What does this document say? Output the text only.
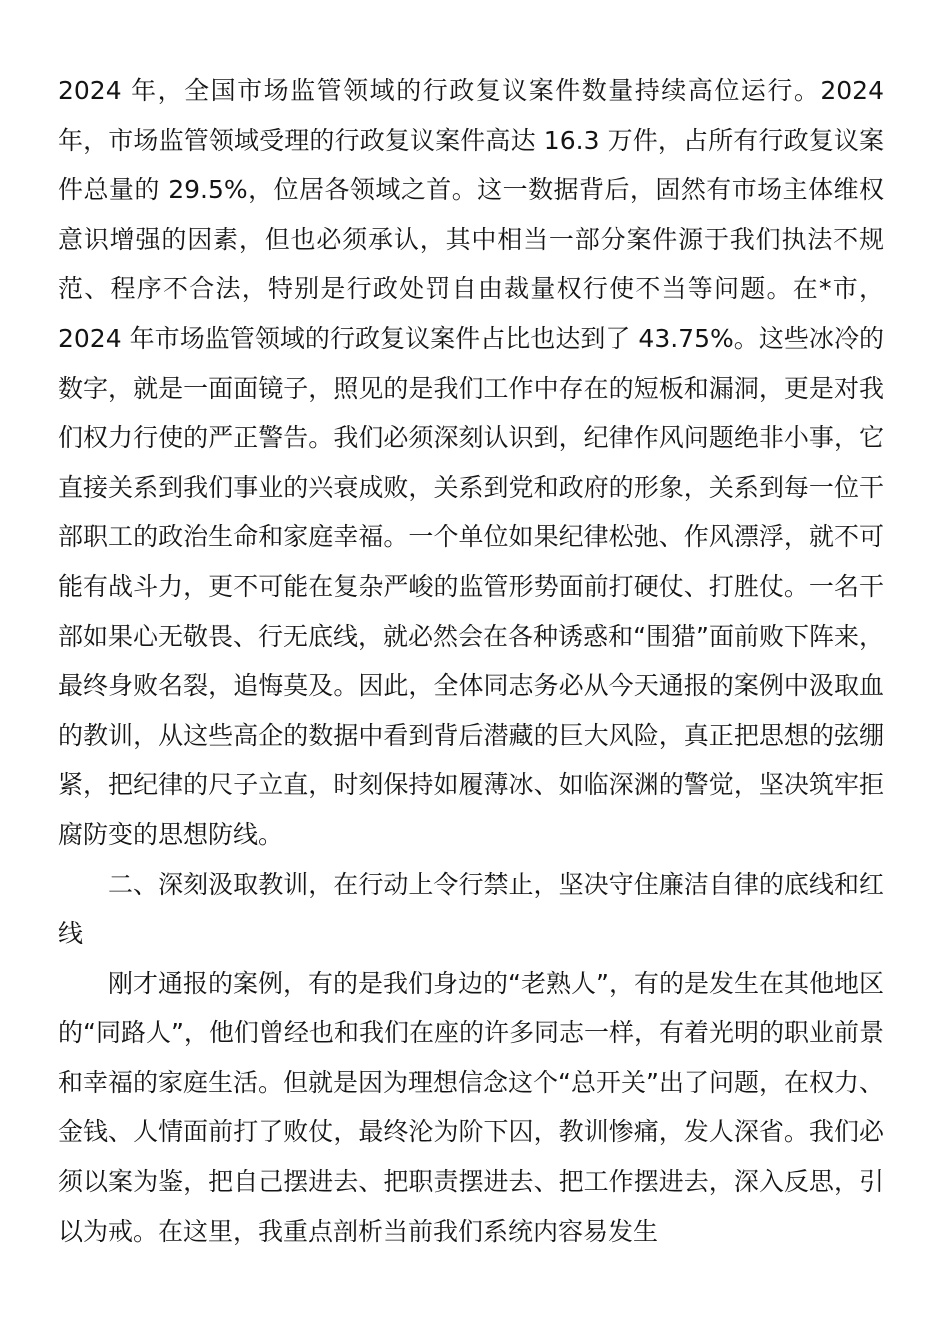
2024 年，全国市场监管领域的行政复议案件数量持续高位运行。2024 年，市场监管领域受理的行政复议案件高达 16.3 万件，占所有行政复议案件总量的 29.5%，位居各领域之首。这一数据背后，固然有市场主体维权意识增强的因素，但也必须承认，其中相当一部分案件源于我们执法不规范、程序不合法，特别是行政处罚自由裁量权行使不当等问题。在*市，2024 年市场监管领域的行政复议案件占比也达到了 43.75%。这些冰冷的数字，就是一面面镜子，照见的是我们工作中存在的短板和漏洞，更是对我们权力行使的严正警告。我们必须深刻认识到，纪律作风问题绝非小事，它直接关系到我们事业的兴衰成败，关系到党和政府的形象，关系到每一位干部职工的政治生命和家庭幸福。一个单位如果纪律松弛、作风漂浮，就不可能有战斗力，更不可能在复杂严峻的监管形势面前打硬仗、打胜仗。一名干部如果心无敬畏、行无底线，就必然会在各种诱惑和“围猎”面前败下阵来，最终身败名裂，追悔莫及。因此，全体同志务必从今天通报的案例中汲取血的教训，从这些高企的数据中看到背后潜藏的巨大风险，真正把思想的弦绷紧，把纪律的尺子立直，时刻保持如履薄冰、如临深渊的警觉，坚决筑牢拒腐防变的思想防线。

二、深刻汲取教训，在行动上令行禁止，坚决守住廉洁自律的底线和红线

刚才通报的案例，有的是我们身边的“老熟人”，有的是发生在其他地区的“同路人”，他们曾经也和我们在座的许多同志一样，有着光明的职业前景和幸福的家庭生活。但就是因为理想信念这个“总开关”出了问题，在权力、金钱、人情面前打了败仗，最终沦为阶下囚，教训惨痛，发人深省。我们必须以案为鉴，把自己摆进去、把职责摆进去、把工作摆进去，深入反思，引以为戒。在这里，我重点剖析当前我们系统内容易发生
